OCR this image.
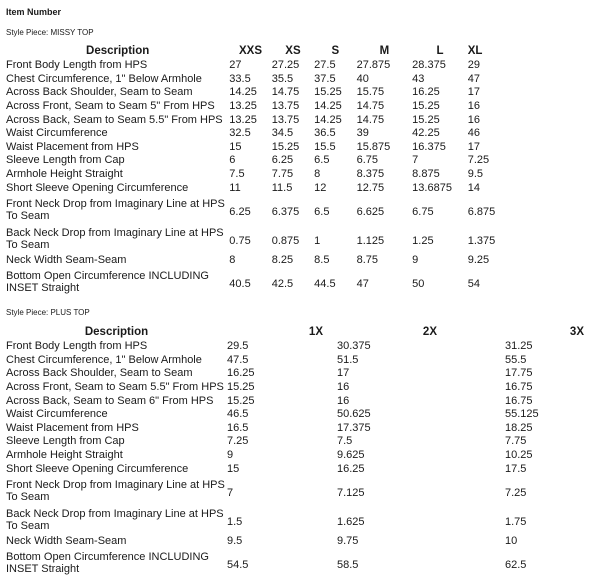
Item Number
Style Piece: MISSY TOP
Description	XXS	XS	S	M	L	XL
Front Body Length from HPS	27	27.25	27.5	27.875	28.375	29
Chest Circumference, 1" Below Armhole	33.5	35.5	37.5	40	43	47
Across Back Shoulder, Seam to Seam	14.25	14.75	15.25	15.75	16.25	17
Across Front, Seam to Seam 5" From HPS	13.25	13.75	14.25	14.75	15.25	16
Across Back, Seam to Seam 5.5" From HPS	13.25	13.75	14.25	14.75	15.25	16
Waist Circumference	32.5	34.5	36.5	39	42.25	46
Waist Placement from HPS	15	15.25	15.5	15.875	16.375	17
Sleeve Length from Cap	6	6.25	6.5	6.75	7	7.25
Armhole Height Straight	7.5	7.75	8	8.375	8.875	9.5
Short Sleeve Opening Circumference	11	11.5	12	12.75	13.6875	14
Front Neck Drop from Imaginary Line at HPS To Seam	6.25	6.375	6.5	6.625	6.75	6.875
Back Neck Drop from Imaginary Line at HPS To Seam	0.75	0.875	1	1.125	1.25	1.375
Neck Width Seam-Seam	8	8.25	8.5	8.75	9	9.25
Bottom Open Circumference INCLUDING INSET Straight	40.5	42.5	44.5	47	50	54
Style Piece: PLUS TOP
Description	1X	2X	3X
Front Body Length from HPS	29.5	30.375	31.25
Chest Circumference, 1" Below Armhole	47.5	51.5	55.5
Across Back Shoulder, Seam to Seam	16.25	17	17.75
Across Front, Seam to Seam 5.5" From HPS	15.25	16	16.75
Across Back, Seam to Seam 6" From HPS	15.25	16	16.75
Waist Circumference	46.5	50.625	55.125
Waist Placement from HPS	16.5	17.375	18.25
Sleeve Length from Cap	7.25	7.5	7.75
Armhole Height Straight	9	9.625	10.25
Short Sleeve Opening Circumference	15	16.25	17.5
Front Neck Drop from Imaginary Line at HPS To Seam	7	7.125	7.25
Back Neck Drop from Imaginary Line at HPS To Seam	1.5	1.625	1.75
Neck Width Seam-Seam	9.5	9.75	10
Bottom Open Circumference INCLUDING INSET Straight	54.5	58.5	62.5
